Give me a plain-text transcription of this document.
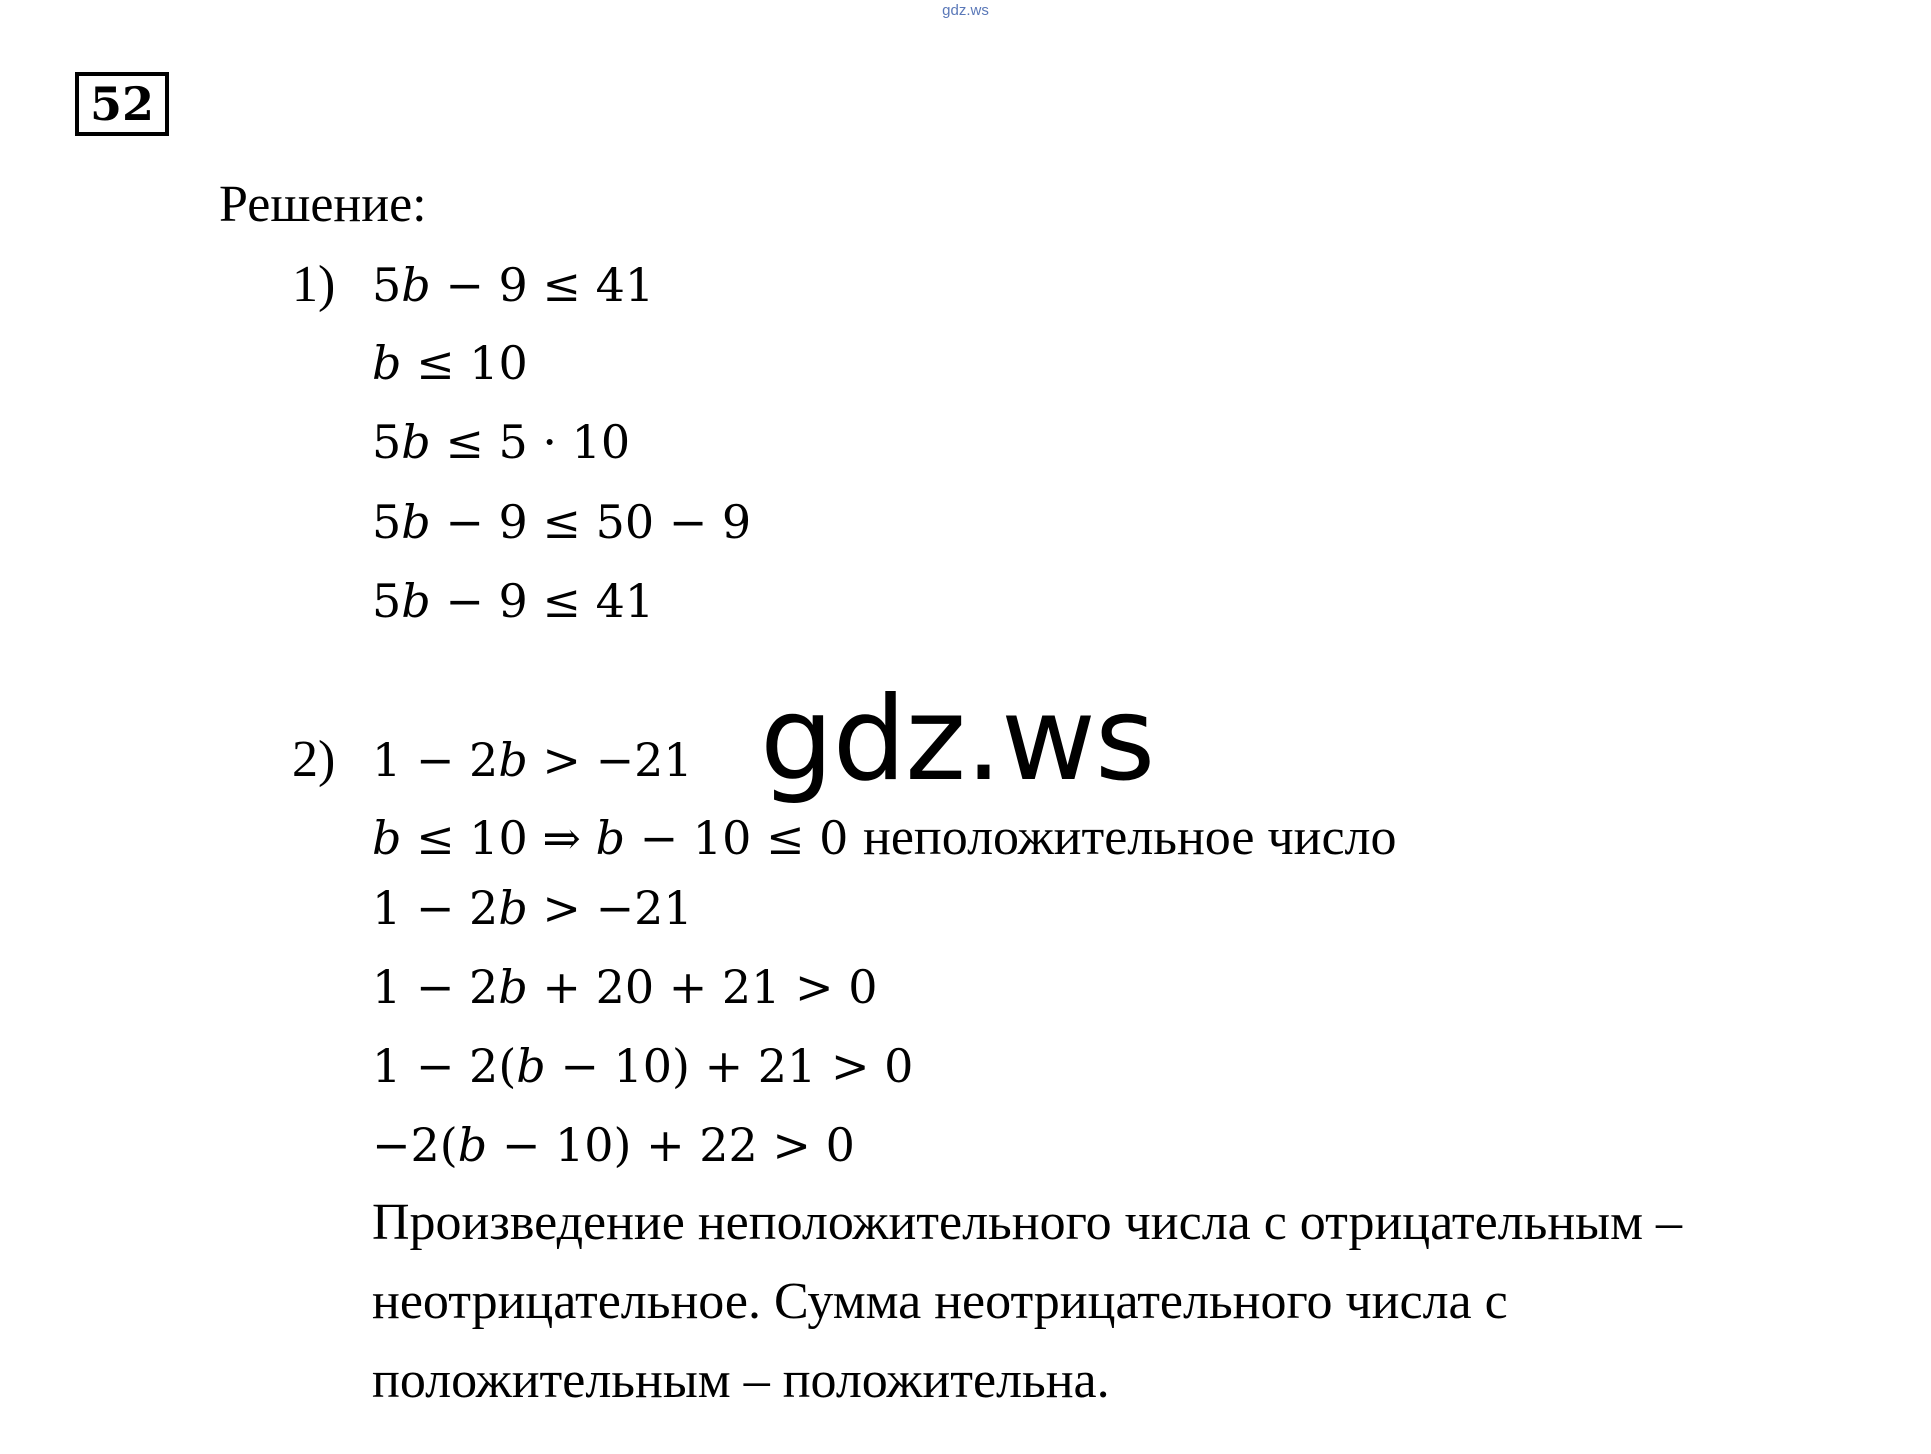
gdz.ws
52
Решение:
1) 5b − 9 ≤ 41
b ≤ 10
5b ≤ 5 · 10
5b − 9 ≤ 50 − 9
5b − 9 ≤ 41
2) 1 − 2b > −21 gdz.ws
b ≤ 10 ⇒ b − 10 ≤ 0 неположительное число
1 − 2b > −21
1 − 2b + 20 + 21 > 0
1 − 2(b − 10) + 21 > 0
−2(b − 10) + 22 > 0
Произведение неположительного числа с отрицательным –
неотрицательное. Сумма неотрицательного числа с
положительным – положительна.
